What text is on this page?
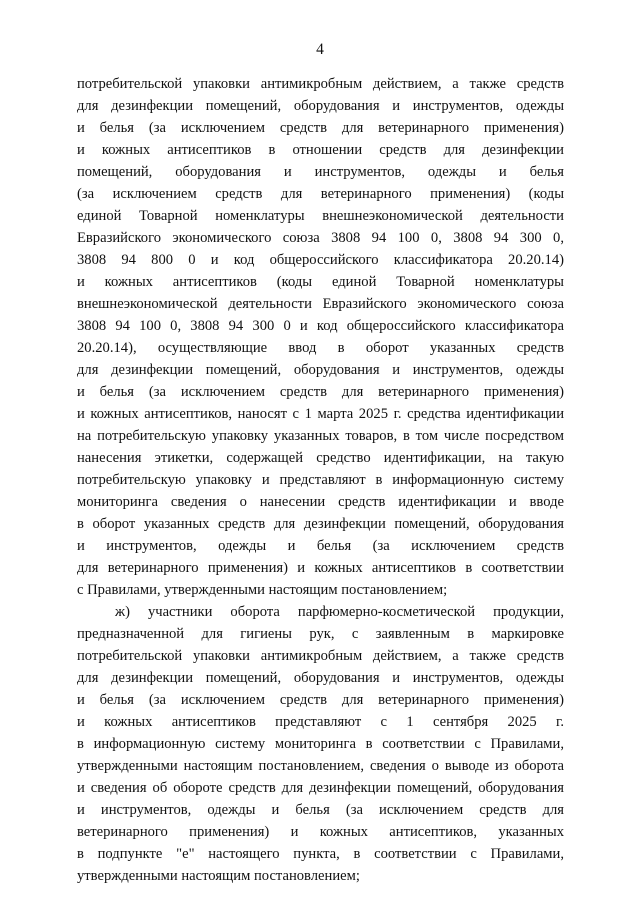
4
потребительской упаковки антимикробным действием, а также средств
для дезинфекции помещений, оборудования и инструментов, одежды
и белья (за исключением средств для ветеринарного применения)
и кожных антисептиков в отношении средств для дезинфекции
помещений, оборудования и инструментов, одежды и белья
(за исключением средств для ветеринарного применения) (коды
единой Товарной номенклатуры внешнеэкономической деятельности
Евразийского экономического союза 3808 94 100 0, 3808 94 300 0,
3808 94 800 0 и код общероссийского классификатора 20.20.14)
и кожных антисептиков (коды единой Товарной номенклатуры
внешнеэкономической деятельности Евразийского экономического союза
3808 94 100 0, 3808 94 300 0 и код общероссийского классификатора
20.20.14), осуществляющие ввод в оборот указанных средств
для дезинфекции помещений, оборудования и инструментов, одежды
и белья (за исключением средств для ветеринарного применения)
и кожных антисептиков, наносят с 1 марта 2025 г. средства идентификации
на потребительскую упаковку указанных товаров, в том числе посредством
нанесения этикетки, содержащей средство идентификации, на такую
потребительскую упаковку и представляют в информационную систему
мониторинга сведения о нанесении средств идентификации и вводе
в оборот указанных средств для дезинфекции помещений, оборудования
и инструментов, одежды и белья (за исключением средств
для ветеринарного применения) и кожных антисептиков в соответствии
с Правилами, утвержденными настоящим постановлением;
ж) участники оборота парфюмерно-косметической продукции,
предназначенной для гигиены рук, с заявленным в маркировке
потребительской упаковки антимикробным действием, а также средств
для дезинфекции помещений, оборудования и инструментов, одежды
и белья (за исключением средств для ветеринарного применения)
и кожных антисептиков представляют с 1 сентября 2025 г.
в информационную систему мониторинга в соответствии с Правилами,
утвержденными настоящим постановлением, сведения о выводе из оборота
и сведения об обороте средств для дезинфекции помещений, оборудования
и инструментов, одежды и белья (за исключением средств для
ветеринарного применения) и кожных антисептиков, указанных
в подпункте "е" настоящего пункта, в соответствии с Правилами,
утвержденными настоящим постановлением;
